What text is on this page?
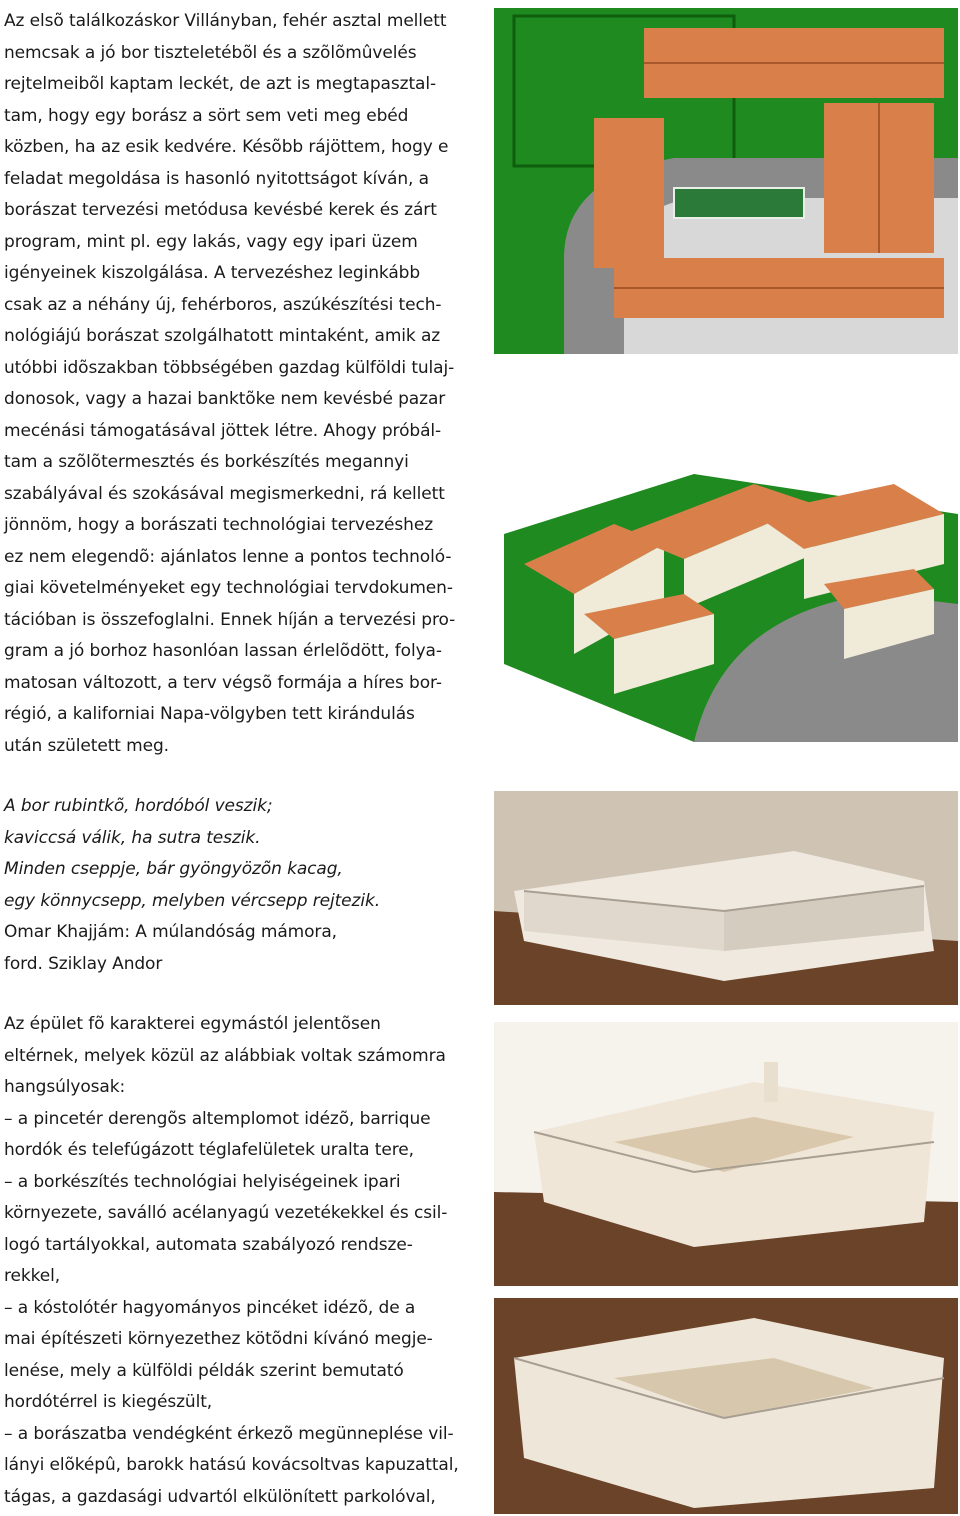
Az elsõ találkozáskor Villányban, fehér asztal mellett
nemcsak a jó bor tiszteletébõl és a szõlõmûvelés
rejtelmeibõl kaptam leckét, de azt is megtapasztal-
tam, hogy egy borász a sört sem veti meg ebéd
közben, ha az esik kedvére. Késõbb rájöttem, hogy e
feladat megoldása is hasonló nyitottságot kíván, a
borászat tervezési metódusa kevésbé kerek és zárt
program, mint pl. egy lakás, vagy egy ipari üzem
igényeinek kiszolgálása. A tervezéshez leginkább
csak az a néhány új, fehérboros, aszúkészítési tech-
nológiájú borászat szolgálhatott mintaként, amik az
utóbbi idõszakban többségében gazdag külföldi tulaj-
donosok, vagy a hazai banktõke nem kevésbé pazar
mecénási támogatásával jöttek létre. Ahogy próbál-
tam a szõlõtermesztés és borkészítés megannyi
szabályával és szokásával megismerkedni, rá kellett
jönnöm, hogy a borászati technológiai tervezéshez
ez nem elegendõ: ajánlatos lenne a pontos technoló-
giai követelményeket egy technológiai tervdokumen-
tációban is összefoglalni. Ennek híján a tervezési pro-
gram a jó borhoz hasonlóan lassan érlelõdött, folya-
matosan változott, a terv végsõ formája a híres bor-
régió, a kaliforniai Napa-völgyben tett kirándulás
után született meg.
A bor rubintkõ, hordóból veszik;
kaviccsá válik, ha sutra teszik.
Minden cseppje, bár gyöngyözõn kacag,
egy könnycsepp, melyben vércsepp rejtezik.
Omar Khajjám: A múlandóság mámora,
ford. Sziklay Andor
Az épület fõ karakterei egymástól jelentõsen
eltérnek, melyek közül az alábbiak voltak számomra
hangsúlyosak:
– a pincetér derengõs altemplomot idézõ, barrique
hordók és telefúgázott téglafelületek uralta tere,
– a borkészítés technológiai helyiségeinek ipari
környezete, saválló acélanyagú vezetékekkel és csil-
logó tartályokkal, automata szabályozó rendsze-
rekkel,
– a kóstolótér hagyományos pincéket idézõ, de a
mai építészeti környezethez kötõdni kívánó megje-
lenése, mely a külföldi példák szerint bemutató
hordótérrel is kiegészült,
– a borászatba vendégként érkezõ megünneplése vil-
lányi elõképû, barokk hatású kovácsoltvas kapuzattal,
tágas, a gazdasági udvartól elkülönített parkolóval,
